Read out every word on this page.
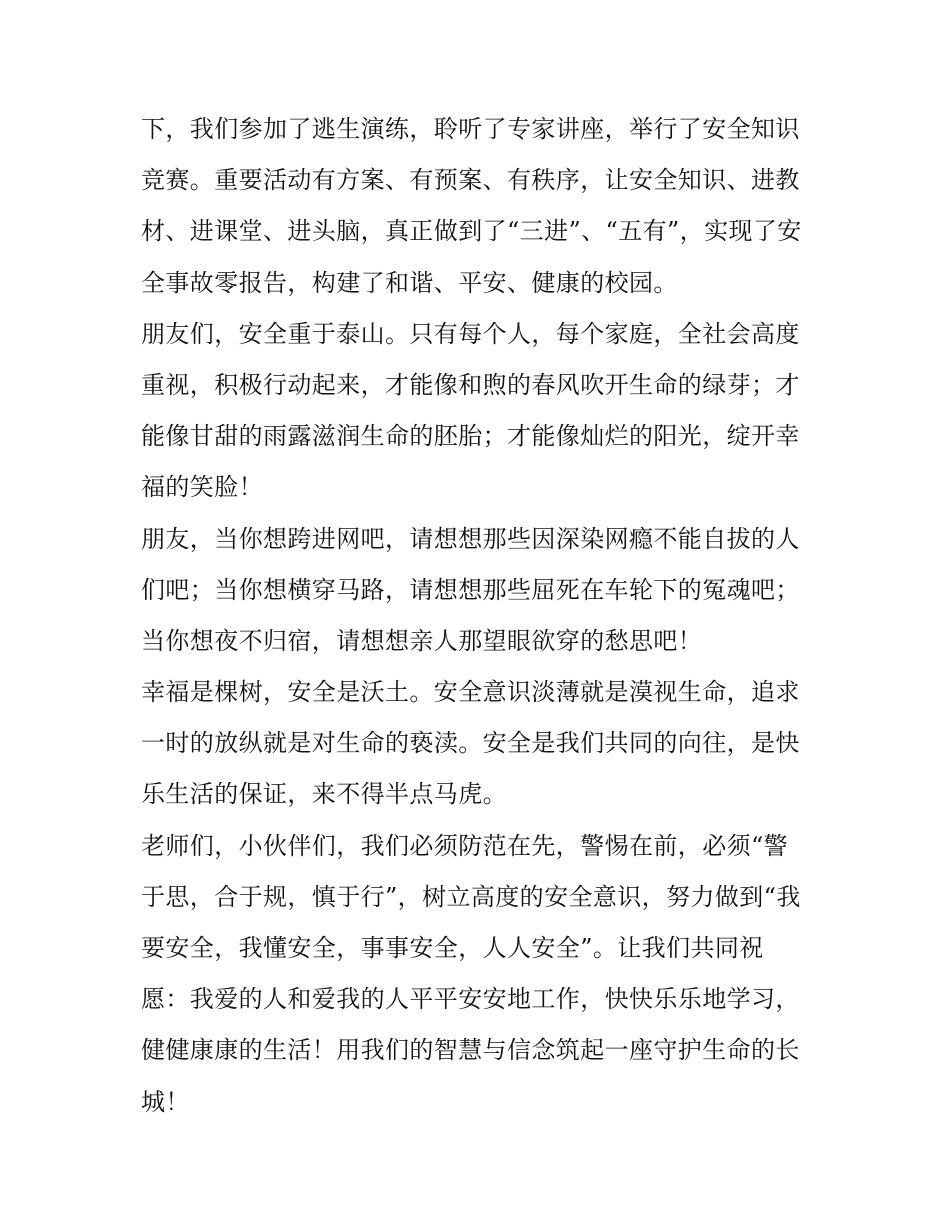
下，我们参加了逃生演练，聆听了专家讲座，举行了安全知识
竞赛。重要活动有方案、有预案、有秩序，让安全知识、进教
材、进课堂、进头脑，真正做到了“三进”、“五有”，实现了安
全事故零报告，构建了和谐、平安、健康的校园。
朋友们，安全重于泰山。只有每个人，每个家庭，全社会高度
重视，积极行动起来，才能像和煦的春风吹开生命的绿芽；才
能像甘甜的雨露滋润生命的胚胎；才能像灿烂的阳光，绽开幸
福的笑脸！
朋友，当你想跨进网吧，请想想那些因深染网瘾不能自拔的人
们吧；当你想横穿马路，请想想那些屈死在车轮下的冤魂吧；
当你想夜不归宿，请想想亲人那望眼欲穿的愁思吧！
幸福是棵树，安全是沃土。安全意识淡薄就是漠视生命，追求
一时的放纵就是对生命的亵渎。安全是我们共同的向往，是快
乐生活的保证，来不得半点马虎。
老师们，小伙伴们，我们必须防范在先，警惕在前，必须“警
于思，合于规，慎于行”，树立高度的安全意识，努力做到“我
要安全，我懂安全，事事安全，人人安全”。让我们共同祝
愿：我爱的人和爱我的人平平安安地工作，快快乐乐地学习，
健健康康的生活！用我们的智慧与信念筑起一座守护生命的长
城！
